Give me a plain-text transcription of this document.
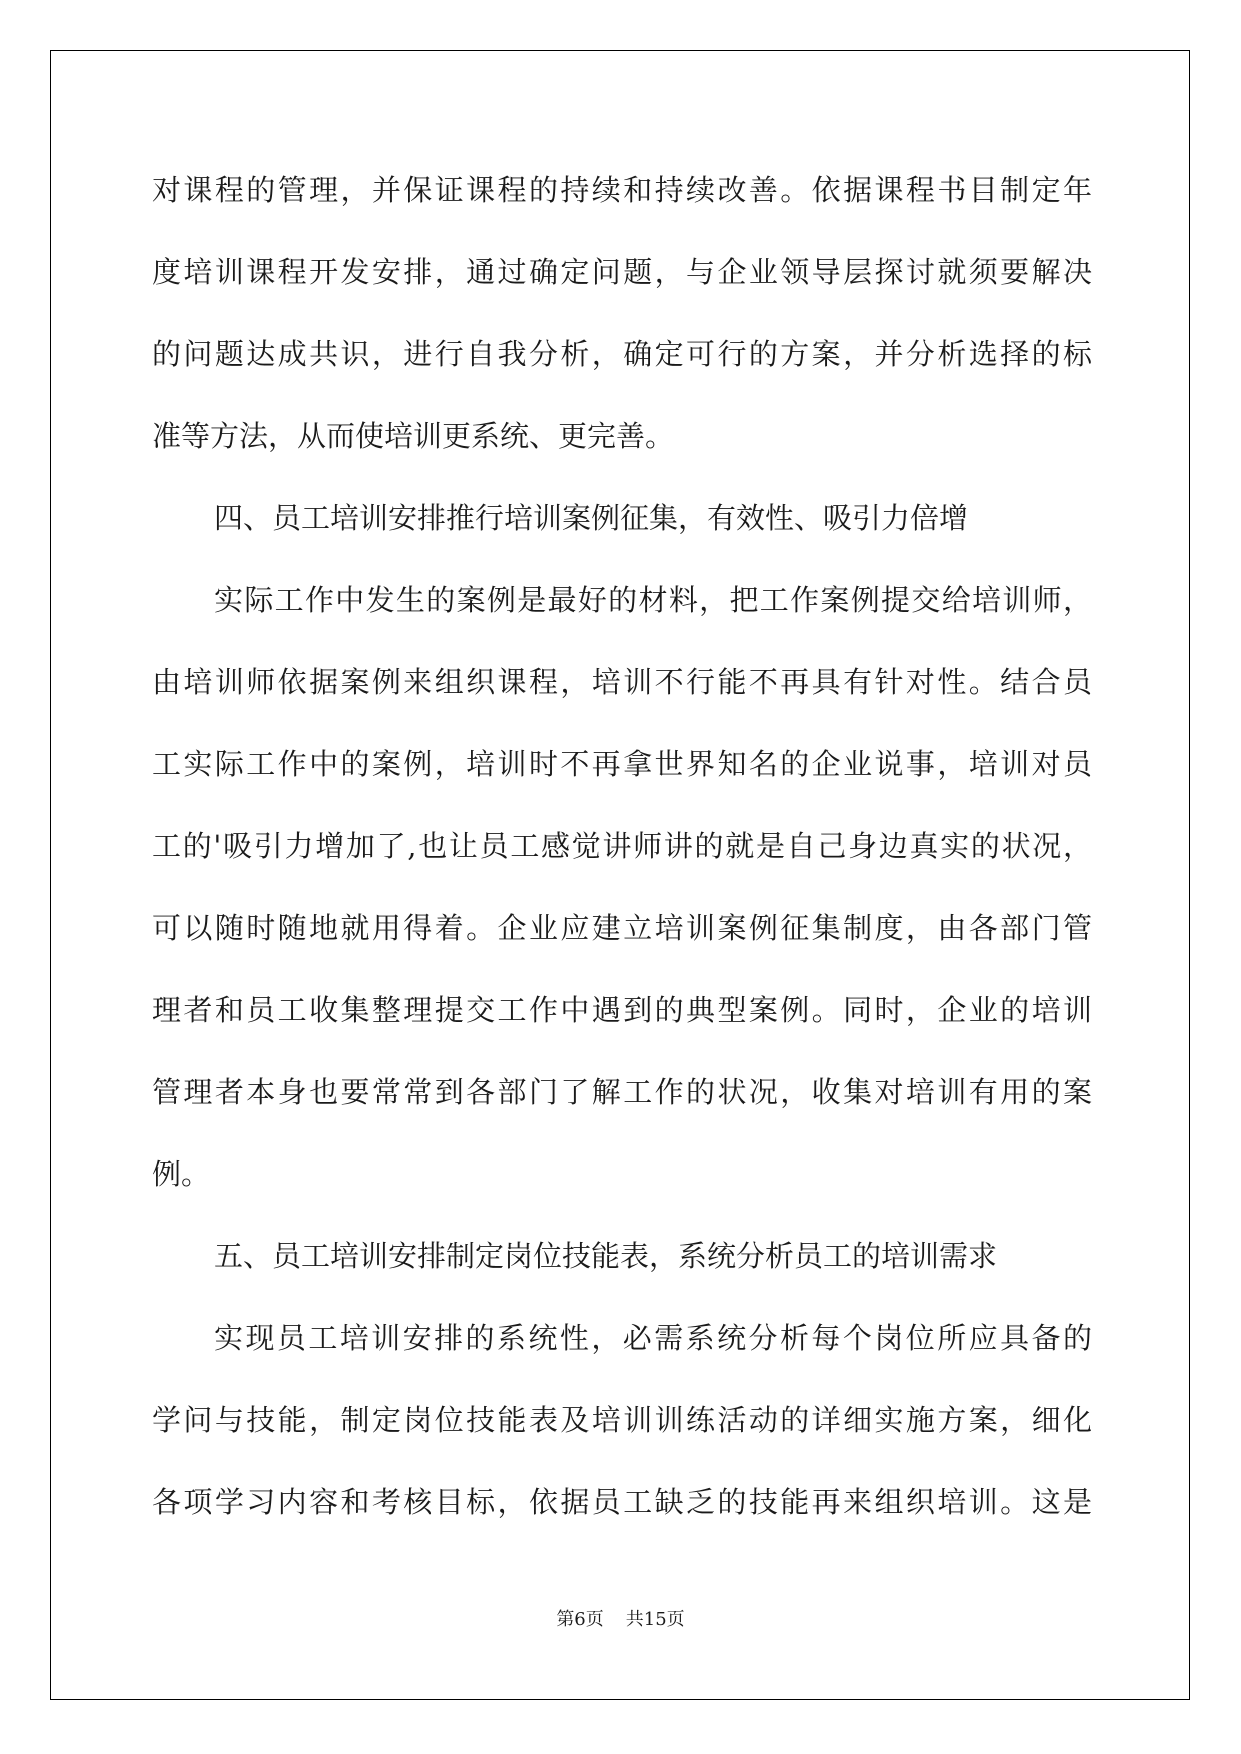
对课程的管理，并保证课程的持续和持续改善。依据课程书目制定年
度培训课程开发安排，通过确定问题，与企业领导层探讨就须要解决
的问题达成共识，进行自我分析，确定可行的方案，并分析选择的标
准等方法，从而使培训更系统、更完善。
四、员工培训安排推行培训案例征集，有效性、吸引力倍增
实际工作中发生的案例是最好的材料，把工作案例提交给培训师，
由培训师依据案例来组织课程，培训不行能不再具有针对性。结合员
工实际工作中的案例，培训时不再拿世界知名的企业说事，培训对员
工的'吸引力增加了,也让员工感觉讲师讲的就是自己身边真实的状况，
可以随时随地就用得着。企业应建立培训案例征集制度，由各部门管
理者和员工收集整理提交工作中遇到的典型案例。同时，企业的培训
管理者本身也要常常到各部门了解工作的状况，收集对培训有用的案
例。
五、员工培训安排制定岗位技能表，系统分析员工的培训需求
实现员工培训安排的系统性，必需系统分析每个岗位所应具备的
学问与技能，制定岗位技能表及培训训练活动的详细实施方案，细化
各项学习内容和考核目标，依据员工缺乏的技能再来组织培训。这是
第6页 共15页
